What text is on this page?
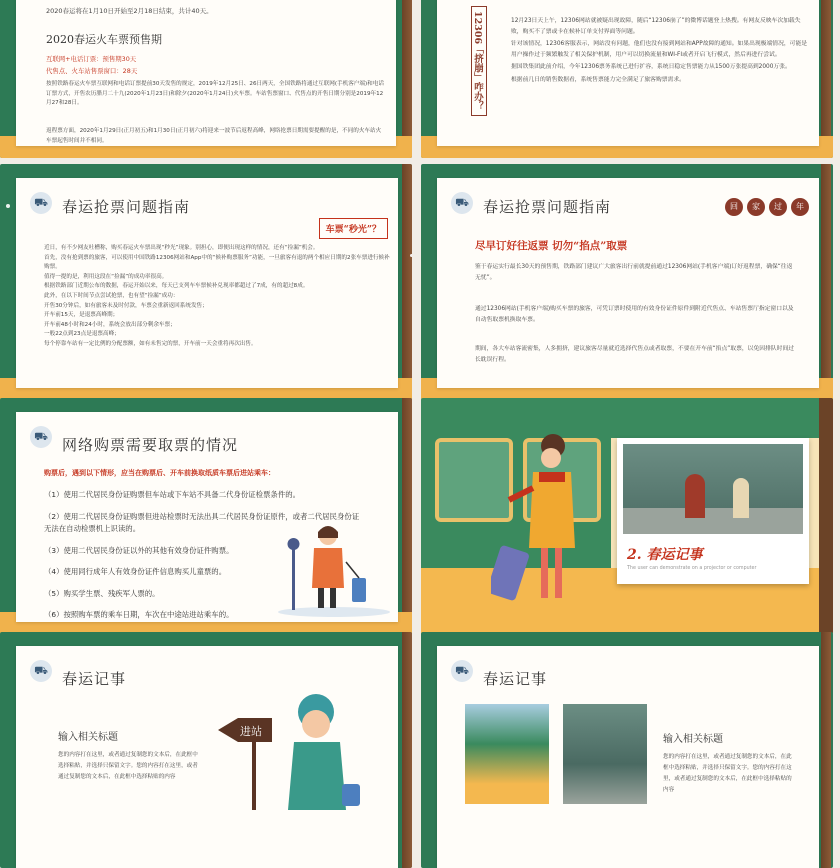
2020春运将在1月10日开始至2月18日结束，共计40天。
2020春运火车票预售期
互联网+电话订票：预售期30天
代售点、火车站售票窗口：28天
按照铁路春运火车票互联网和电话订票提前30天发售的规定，2019年12月25日、26日两天，全国铁路将通过互联网(手机客户端)和电话订票方式，开售农历腊月二十九(2020年1月23日)和除夕(2020年1月24日)火车票。车站售票窗口、代售点的开售日期分别是2019年12月27和28日。
返程票方面，2020年1月29日(正月初五)和1月30日(正月初六)将迎来一波节后返程高峰，网络抢票日期需要提醒的是，不同的火车站火车票起售时间并不相同。
12306「挤崩」咋办？	12月23日天上午，12306网站就被疑出现故障，随后“12306崩了”的微博话题登上热搜。有网友反映车次加载失败，购买不了票或卡在候补订单支付界面等问题。
针对该情况，12306客服表示，网站没有问题，他们也没有接到网站和APP故障的通知。如果出现极端情况，可能是用户操作过于频繁触发了相关保护机制，用户可以切换流量和WI-FI或者开启飞行模式，然后再进行尝试。
据国铁集团此前介绍，今年12306票务系统已进行扩容，系统日稳定售票能力从1500万张提高到2000万张。
根据前几日的销售数据看，系统售票能力完全满足了旅客购票需求。
⛟ 春运抢票问题指南
车票“秒光”？
近日，有不少网友吐槽称，购买春运火车票出现“秒光”现象。别担心，即便出现这样的情况，还有“捡漏”机会。
首先，没有抢到票的旅客，可以使用中国铁路12306网站和App中的“候补购票服务”功能，一旦旅客有退的两个相应日期的2张车票进行候补购票。
值得一提的是，利用这段在“捡漏”的成功率很高。
根据铁路部门近期公布的数据，春运开始以来，每天已支列车车票候补兑现率都超过了7成，有的超过8成。
此外，在以下时间节点尝试抢票，也有望“捡漏”成功：
开售30分钟后，如有旅客未及时付款，车票会重新返回系统发售；
开车前15天，是退票高峰期；
开车前48小时和24小时，系统会放出部分剩余车票；
一般22点到23点是退票高峰；
每个停靠车站有一定比例的分配票额，如有未售完的票，开车前一天会重将再次出售。
⛟ 春运抢票问题指南	回 家 过 年
尽早订好往返票 切勿“掐点”取票
鉴于春运实行最长30天的预售期，铁路部门建议广大旅客出行前就提前通过12306网站(手机客户端)订好返程票，确保“往返无忧”。
通过12306网站(手机客户端)购买车票的旅客，可凭订票时使用的有效身份证件原件到附近代售点、车站售票厅指定窗口以及自动售取票机换取车票。
期间，各大车站客流密集，人多拥挤，建议旅客尽量就近选择代售点或者取票，不要在开车前“掐点”取票，以免因排队时间过长耽误行程。
⛟ 网络购票需要取票的情况
购票后，遇到以下情形，应当在购票后、开车前换取纸质车票后进站乘车：
（1）使用二代居民身份证购票但车站或下车站不具备二代身份证检票条件的。
（2）使用二代居民身份证购票但进站检票时无法出具二代居民身份证原件，或者二代居民身份证无法在自动检票机上识读的。
（3）使用二代居民身份证以外的其他有效身份证件购票。
（4）使用同行成年人有效身份证件信息购买儿童票的。
（5）购买学生票、残疾军人票的。
（6）按照购车票的乘车日期，车次在中途站进站乘车的。
2. 春运记事
The user can demonstrate on a projector or computer
⛟ 春运记事
输入相关标题
您的内容打在这里，或者通过复制您的文本后，在此框中选择粘贴，并选择只保留文字。您的内容打在这里，或者通过复制您的文本后，在此框中选择粘贴的内容
进站
⛟ 春运记事
输入相关标题
您的内容打在这里，或者通过复制您的文本后，在此框中选择粘贴，并选择只保留文字。您的内容打在这里，或者通过复制您的文本后，在此框中选择粘贴的内容
